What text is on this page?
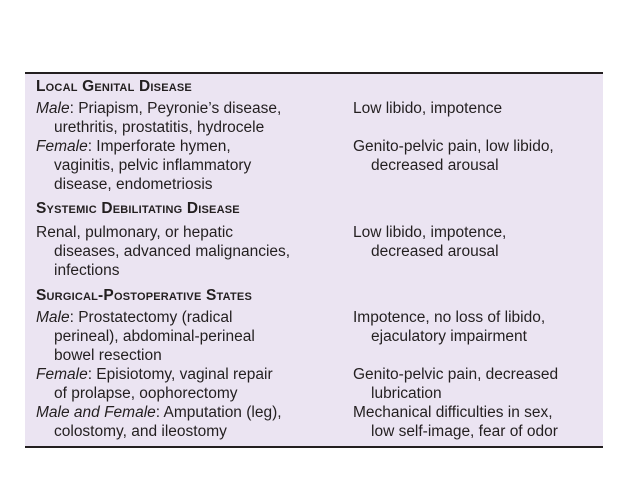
Local Genital Disease
Male: Priapism, Peyronie’s disease,
urethritis, prostatitis, hydrocele
Low libido, impotence
Female: Imperforate hymen,
vaginitis, pelvic inflammatory
disease, endometriosis
Genito-pelvic pain, low libido,
decreased arousal
Systemic Debilitating Disease
Renal, pulmonary, or hepatic
diseases, advanced malignancies,
infections
Low libido, impotence,
decreased arousal
Surgical-Postoperative States
Male: Prostatectomy (radical
perineal), abdominal-perineal
bowel resection
Impotence, no loss of libido,
ejaculatory impairment
Female: Episiotomy, vaginal repair
of prolapse, oophorectomy
Genito-pelvic pain, decreased
lubrication
Male and Female: Amputation (leg),
colostomy, and ileostomy
Mechanical difficulties in sex,
low self-image, fear of odor
